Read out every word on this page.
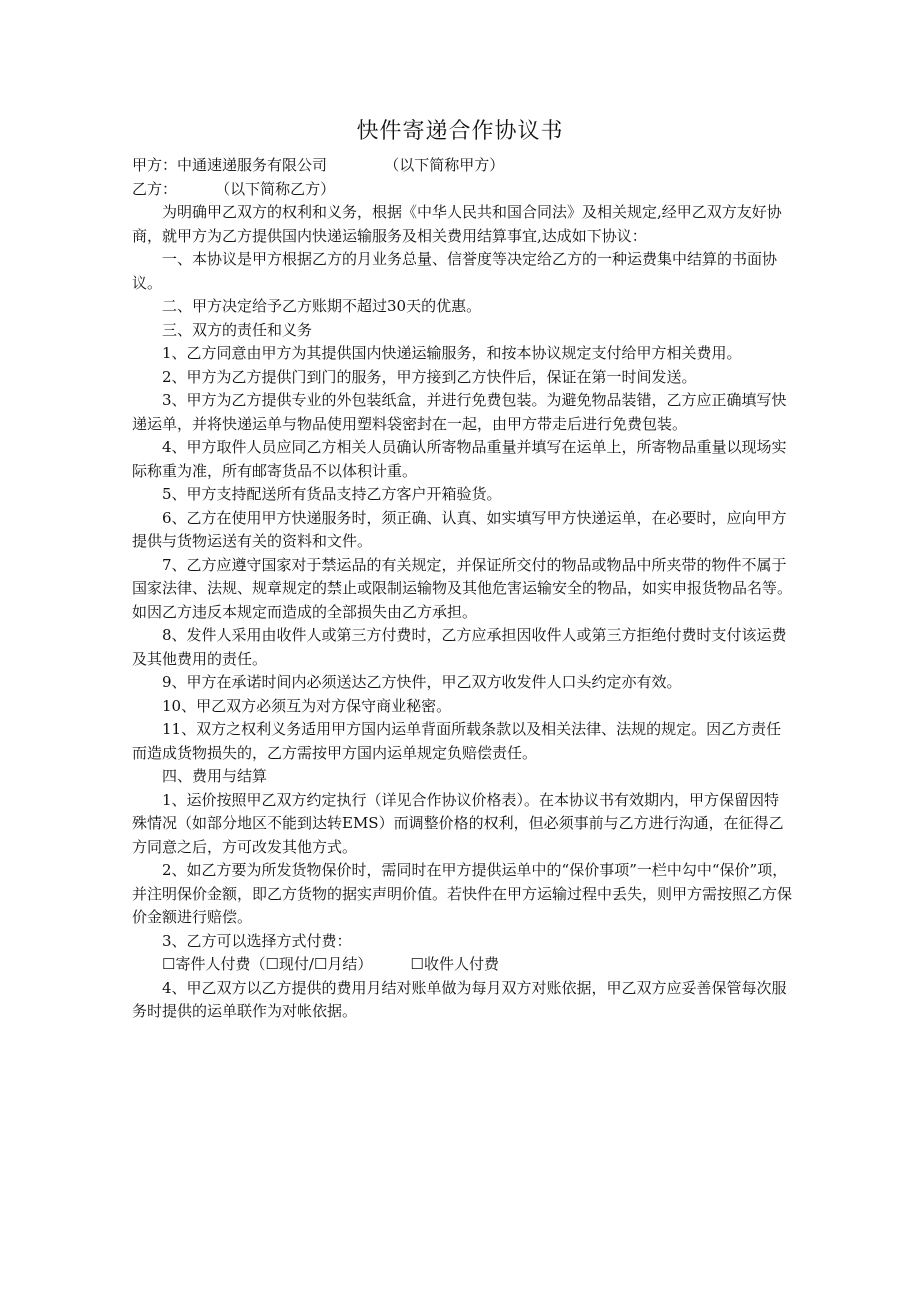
快件寄递合作协议书

甲方：中通速递服务有限公司            （以下简称甲方）

乙方：        （以下简称乙方）

为明确甲乙双方的权利和义务，根据《中华人民共和国合同法》及相关规定,经甲乙双方友好协商，就甲方为乙方提供国内快递运输服务及相关费用结算事宜,达成如下协议：

一、本协议是甲方根据乙方的月业务总量、信誉度等决定给乙方的一种运费集中结算的书面协议。

二、甲方决定给予乙方账期不超过30天的优惠。

三、双方的责任和义务

1、乙方同意由甲方为其提供国内快递运输服务，和按本协议规定支付给甲方相关费用。

2、甲方为乙方提供门到门的服务，甲方接到乙方快件后，保证在第一时间发送。

3、甲方为乙方提供专业的外包装纸盒，并进行免费包装。为避免物品装错，乙方应正确填写快递运单，并将快递运单与物品使用塑料袋密封在一起，由甲方带走后进行免费包装。

4、甲方取件人员应同乙方相关人员确认所寄物品重量并填写在运单上，所寄物品重量以现场实际称重为准，所有邮寄货品不以体积计重。

5、甲方支持配送所有货品支持乙方客户开箱验货。

6、乙方在使用甲方快递服务时，须正确、认真、如实填写甲方快递运单，在必要时，应向甲方提供与货物运送有关的资料和文件。

7、乙方应遵守国家对于禁运品的有关规定，并保证所交付的物品或物品中所夹带的物件不属于国家法律、法规、规章规定的禁止或限制运输物及其他危害运输安全的物品，如实申报货物品名等。如因乙方违反本规定而造成的全部损失由乙方承担。

8、发件人采用由收件人或第三方付费时，乙方应承担因收件人或第三方拒绝付费时支付该运费及其他费用的责任。

9、甲方在承诺时间内必须送达乙方快件，甲乙双方收发件人口头约定亦有效。

10、甲乙双方必须互为对方保守商业秘密。

11、双方之权利义务适用甲方国内运单背面所载条款以及相关法律、法规的规定。因乙方责任而造成货物损失的，乙方需按甲方国内运单规定负赔偿责任。

四、费用与结算

1、运价按照甲乙双方约定执行（详见合作协议价格表）。在本协议书有效期内，甲方保留因特殊情况（如部分地区不能到达转EMS）而调整价格的权利，但必须事前与乙方进行沟通，在征得乙方同意之后，方可改发其他方式。

2、如乙方要为所发货物保价时，需同时在甲方提供运单中的“保价事项”一栏中勾中“保价”项，并注明保价金额，即乙方货物的据实声明价值。若快件在甲方运输过程中丢失，则甲方需按照乙方保价金额进行赔偿。

3、乙方可以选择方式付费：

☐寄件人付费（☐现付/☐月结）        ☐收件人付费

4、甲乙双方以乙方提供的费用月结对账单做为每月双方对账依据，甲乙双方应妥善保管每次服务时提供的运单联作为对帐依据。
